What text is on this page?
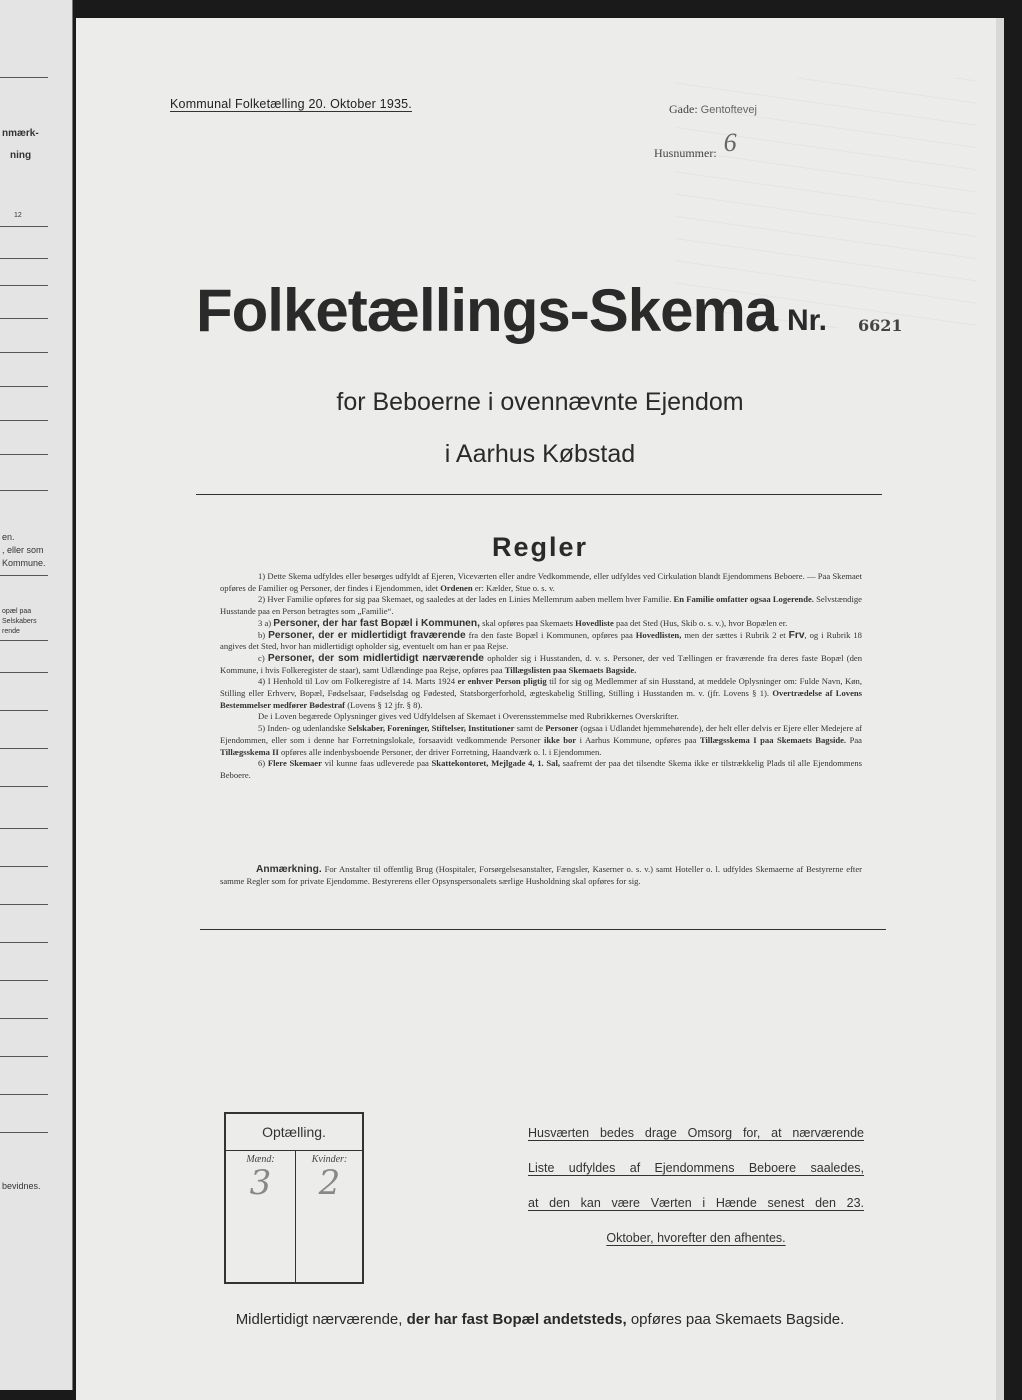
nmærk-
ning
12
en.
, eller som
Kommune.
opæl paa
Selskabers
rende
bevidnes.
Kommunal Folketælling 20. Oktober 1935.	Gade: Gentoftevej
Husnummer: 6
Folketællings-Skema Nr. 6621
for Beboerne i ovennævnte Ejendom
i Aarhus Købstad
Regler

1) Dette Skema udfyldes eller besørges udfyldt af Ejeren, Viceværten eller andre Vedkommende, eller udfyldes ved Cirkulation blandt Ejendommens Beboere. — Paa Skemaet opføres de Familier og Personer, der findes i Ejendommen, idet Ordenen er: Kælder, Stue o. s. v.

2) Hver Familie opføres for sig paa Skemaet, og saaledes at der lades en Linies Mellemrum aaben mellem hver Familie. En Familie omfatter ogsaa Logerende. Selvstændige Husstande paa en Person betragtes som „Familie“.

3 a) Personer, der har fast Bopæl i Kommunen, skal opføres paa Skemaets Hovedliste paa det Sted (Hus, Skib o. s. v.), hvor Bopælen er.

b) Personer, der er midlertidigt fraværende fra den faste Bopæl i Kommunen, opføres paa Hovedlisten, men der sættes i Rubrik 2 et Frv, og i Rubrik 18 angives det Sted, hvor han midlertidigt opholder sig, eventuelt om han er paa Rejse.

c) Personer, der som midlertidigt nærværende opholder sig i Husstanden, d. v. s. Personer, der ved Tællingen er fraværende fra deres faste Bopæl (den Kommune, i hvis Folkeregister de staar), samt Udlændinge paa Rejse, opføres paa Tillægslisten paa Skemaets Bagside.

4) I Henhold til Lov om Folkeregistre af 14. Marts 1924 er enhver Person pligtig til for sig og Medlemmer af sin Husstand, at meddele Oplysninger om: Fulde Navn, Køn, Stilling eller Erhverv, Bopæl, Fødselsaar, Fødselsdag og Fødested, Statsborgerforhold, ægteskabelig Stilling, Stilling i Husstanden m. v. (jfr. Lovens § 1). Overtrædelse af Lovens Bestemmelser medfører Bødestraf (Lovens § 12 jfr. § 8).

De i Loven begærede Oplysninger gives ved Udfyldelsen af Skemaet i Overensstemmelse med Rubrikkernes Overskrifter.

5) Inden- og udenlandske Selskaber, Foreninger, Stiftelser, Institutioner samt de Personer (ogsaa i Udlandet hjemmehørende), der helt eller delvis er Ejere eller Medejere af Ejendommen, eller som i denne har Forretningslokale, forsaavidt vedkommende Personer ikke bor i Aarhus Kommune, opføres paa Tillægsskema I paa Skemaets Bagside. Paa Tillægsskema II opføres alle indenbysboende Personer, der driver Forretning, Haandværk o. l. i Ejendommen.

6) Flere Skemaer vil kunne faas udleverede paa Skattekontoret, Mejlgade 4, 1. Sal, saafremt der paa det tilsendte Skema ikke er tilstrækkelig Plads til alle Ejendommens Beboere.

Anmærkning. For Anstalter til offentlig Brug (Hospitaler, Forsørgelsesanstalter, Fængsler, Kaserner o. s. v.) samt Hoteller o. l. udfyldes Skemaerne af Bestyrerne efter samme Regler som for private Ejendomme. Bestyrerens eller Opsynspersonalets særlige Husholdning skal opføres for sig.
Optælling.
Mænd:
3
Kvinder:
2
Husværten bedes drage Omsorg for, at nærværende
Liste udfyldes af Ejendommens Beboere saaledes,
at den kan være Værten i Hænde senest den 23.
Oktober, hvorefter den afhentes.
Midlertidigt nærværende, der har fast Bopæl andetsteds, opføres paa Skemaets Bagside.
